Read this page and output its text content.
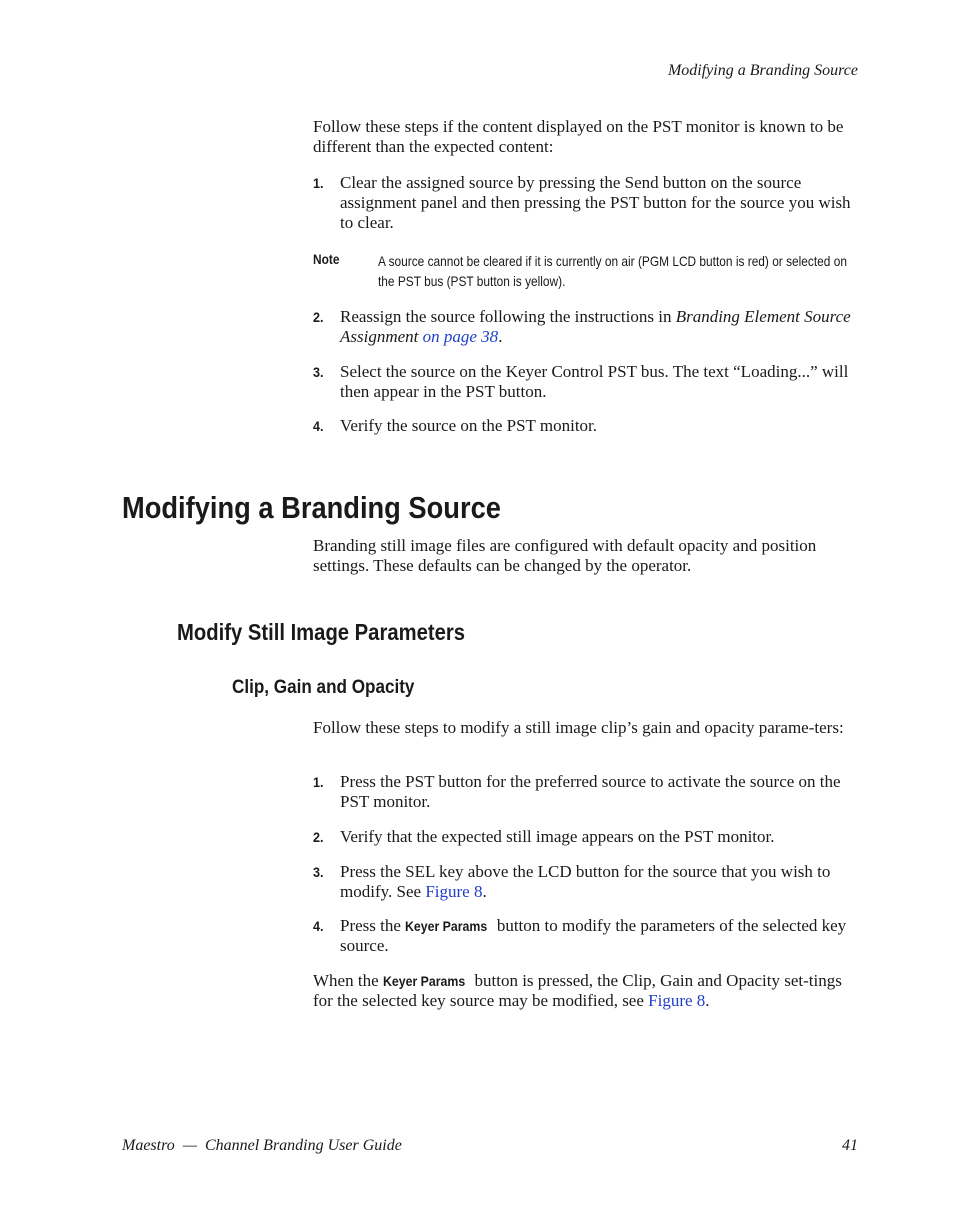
Modifying a Branding Source

Follow these steps if the content displayed on the PST monitor is known to be different than the expected content:

1. Clear the assigned source by pressing the Send button on the source assignment panel and then pressing the PST button for the source you wish to clear.
Note	A source cannot be cleared if it is currently on air (PGM LCD button is red) or selected on the PST bus (PST button is yellow).
2. Reassign the source following the instructions in Branding Element Source Assignment on page 38.
3. Select the source on the Keyer Control PST bus. The text “Loading...” will then appear in the PST button.
4. Verify the source on the PST monitor.
Modifying a Branding Source

Branding still image files are configured with default opacity and position settings. These defaults can be changed by the operator.

Modify Still Image Parameters
Clip, Gain and Opacity

Follow these steps to modify a still image clip’s gain and opacity parame-ters:

1. Press the PST button for the preferred source to activate the source on the PST monitor.
2. Verify that the expected still image appears on the PST monitor.
3. Press the SEL key above the LCD button for the source that you wish to modify. See Figure 8.
4. Press the Keyer Params button to modify the parameters of the selected key source.

When the Keyer Params button is pressed, the Clip, Gain and Opacity set-tings for the selected key source may be modified, see Figure 8.

Maestro  —  Channel Branding User Guide	41
